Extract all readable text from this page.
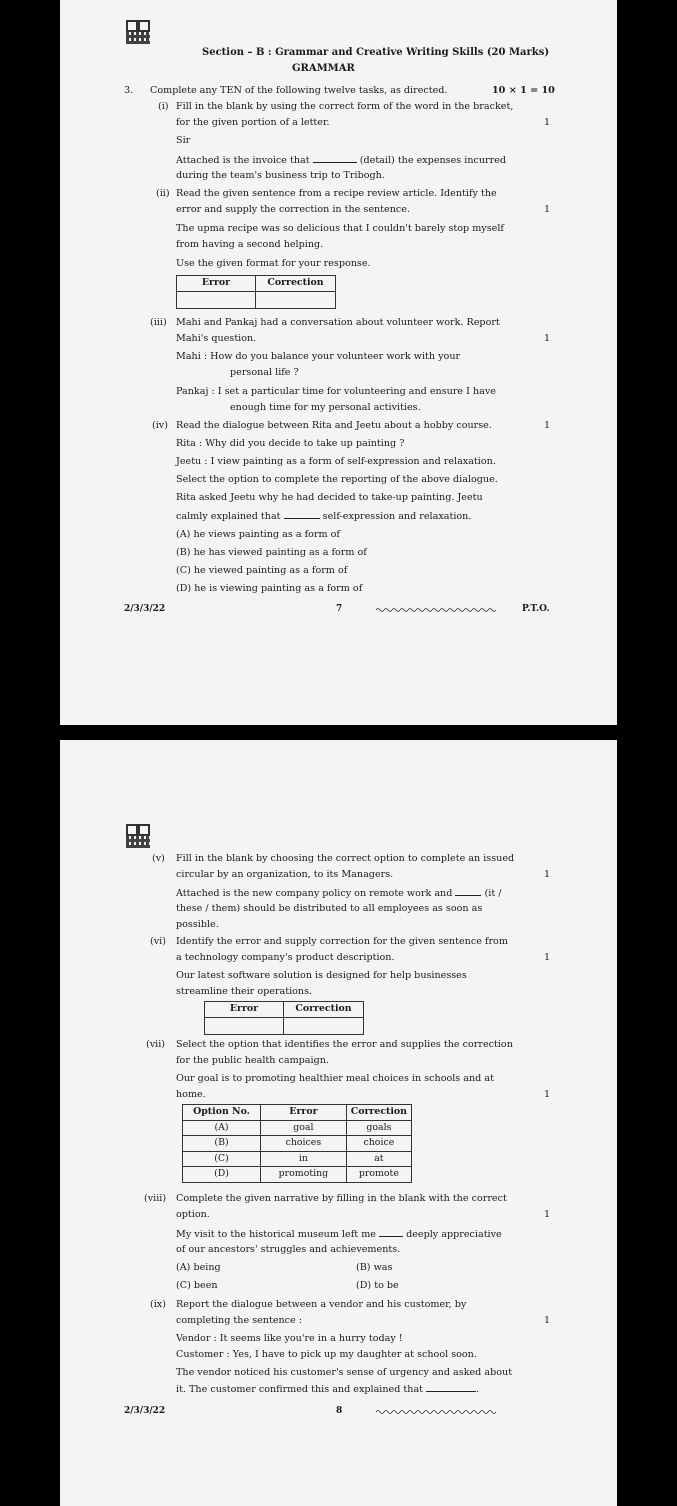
Section – B : Grammar and Creative Writing Skills (20 Marks)
GRAMMAR
3. Complete any TEN of the following twelve tasks, as directed.	10 × 1 = 10
(i) Fill in the blank by using the correct form of the word in the bracket,
for the given portion of a letter.	1
Sir
Attached is the invoice that	(detail) the expenses incurred
during the team's business trip to Tribogh.
(ii) Read the given sentence from a recipe review article. Identify the
error and supply the correction in the sentence.	1
The upma recipe was so delicious that I couldn't barely stop myself
from having a second helping.
Use the given format for your response.
Error	Correction

(iii) Mahi and Pankaj had a conversation about volunteer work. Report
Mahi's question.	1
Mahi : How do you balance your volunteer work with your
personal life ?
Pankaj : I set a particular time for volunteering and ensure I have
enough time for my personal activities.
(iv) Read the dialogue between Rita and Jeetu about a hobby course.	1
Rita : Why did you decide to take up painting ?
Jeetu : I view painting as a form of self-expression and relaxation.
Select the option to complete the reporting of the above dialogue.
Rita asked Jeetu why he had decided to take-up painting. Jeetu
calmly explained that	self-expression and relaxation.
(A) he views painting as a form of
(B) he has viewed painting as a form of
(C) he viewed painting as a form of
(D) he is viewing painting as a form of
2/3/3/22	7	P.T.O.
(v) Fill in the blank by choosing the correct option to complete an issued
circular by an organization, to its Managers.	1
Attached is the new company policy on remote work and	(it /
these / them) should be distributed to all employees as soon as
possible.
(vi) Identify the error and supply correction for the given sentence from
a technology company's product description.	1
Our latest software solution is designed for help businesses
streamline their operations.
Error	Correction

(vii) Select the option that identifies the error and supplies the correction
for the public health campaign.
Our goal is to promoting healthier meal choices in schools and at
home.	1
Option No.	Error	Correction
(A)	goal	goals
(B)	choices	choice
(C)	in	at
(D)	promoting	promote
(viii) Complete the given narrative by filling in the blank with the correct
option.	1
My visit to the historical museum left me	deeply appreciative
of our ancestors' struggles and achievements.
(A) being	(B) was
(C) been	(D) to be
(ix) Report the dialogue between a vendor and his customer, by
completing the sentence :	1
Vendor : It seems like you're in a hurry today !
Customer : Yes, I have to pick up my daughter at school soon.
The vendor noticed his customer's sense of urgency and asked about
it. The customer confirmed this and explained that	.
2/3/3/22	8
